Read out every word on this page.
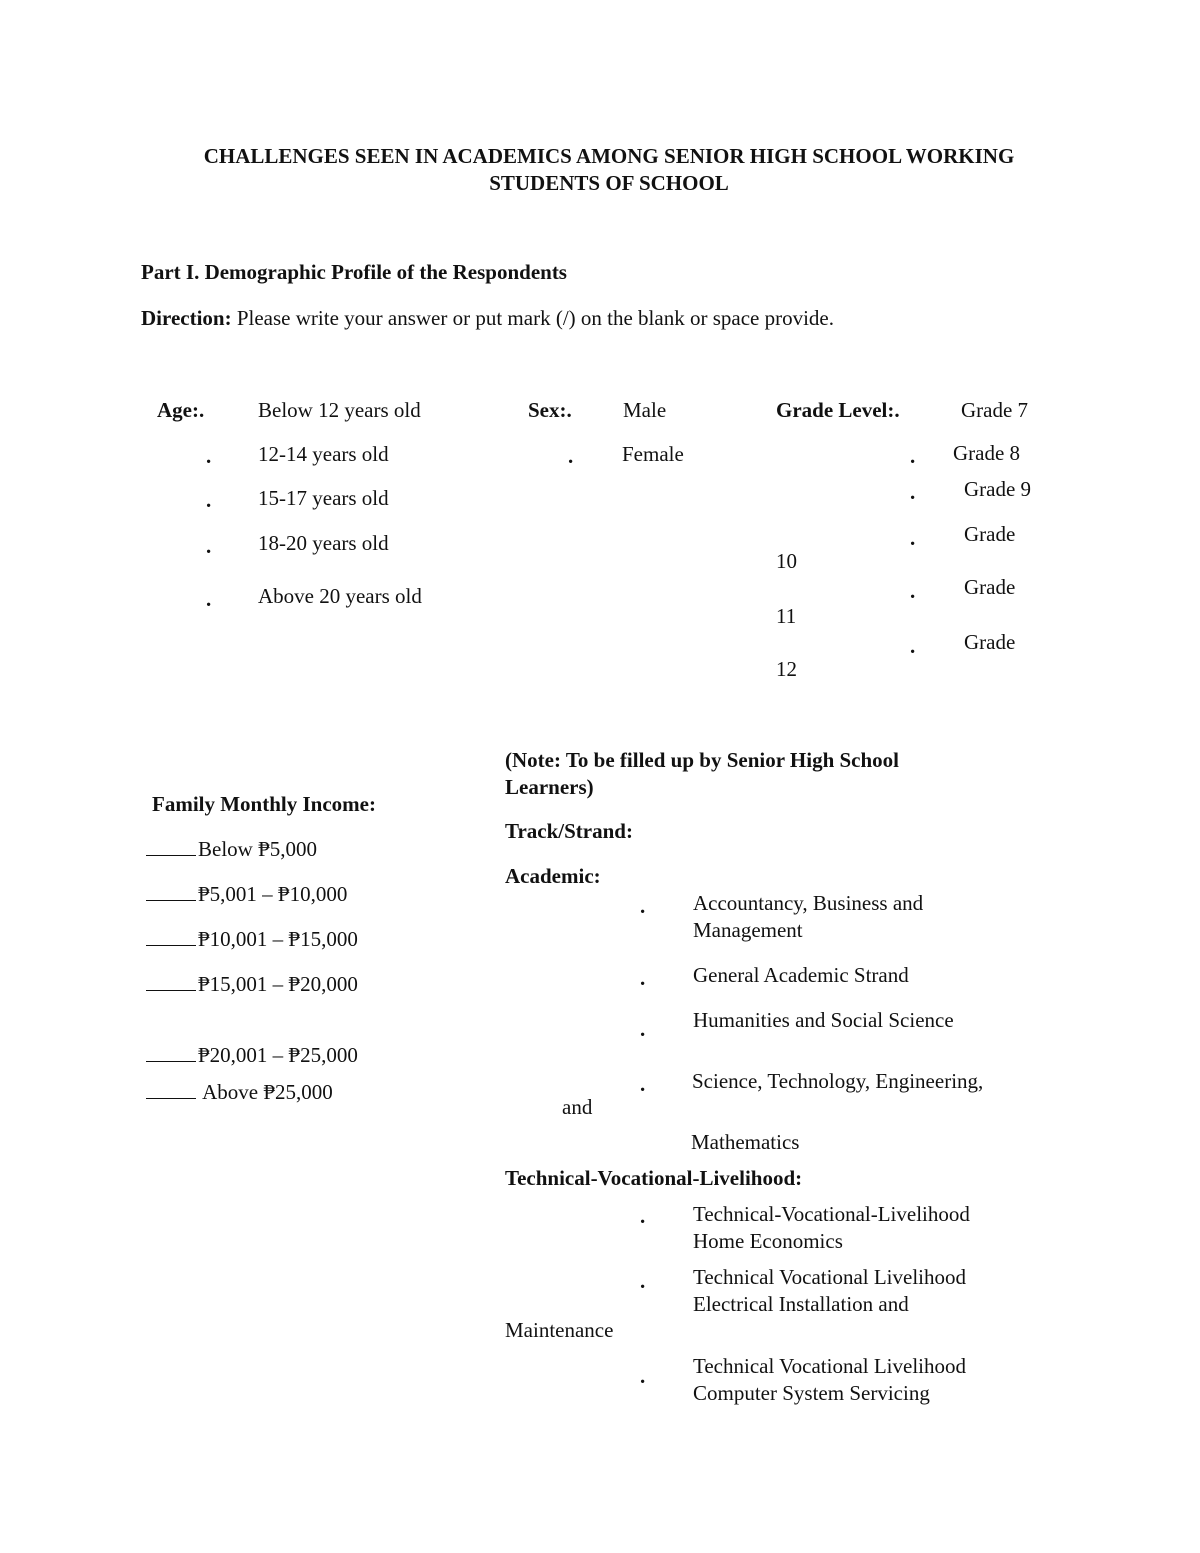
CHALLENGES SEEN IN ACADEMICS AMONG SENIOR HIGH SCHOOL WORKING
STUDENTS OF SCHOOL
Part I. Demographic Profile of the Respondents
Direction: Please write your answer or put mark (/) on the blank or space provide.
Age:.	Below 12 years old
. 12-14 years old
. 15-17 years old
. 18-20 years old
. Above 20 years old
Sex:. Male
. Female
Grade Level:.	Grade 7
. Grade 8
. Grade 9
. Grade
10
. Grade
11
. Grade
12
Family Monthly Income:
Below ₱5,000
₱5,001 – ₱10,000
₱10,001 – ₱15,000
₱15,001 – ₱20,000
₱20,001 – ₱25,000
Above ₱25,000
(Note: To be filled up by Senior High School
Learners)
Track/Strand:
Academic:
. Accountancy, Business and
Management
. General Academic Strand
. Humanities and Social Science
. Science, Technology, Engineering,
and
Mathematics
Technical-Vocational-Livelihood:
. Technical-Vocational-Livelihood
Home Economics
. Technical Vocational Livelihood
Electrical Installation and
Maintenance
. Technical Vocational Livelihood
Computer System Servicing
